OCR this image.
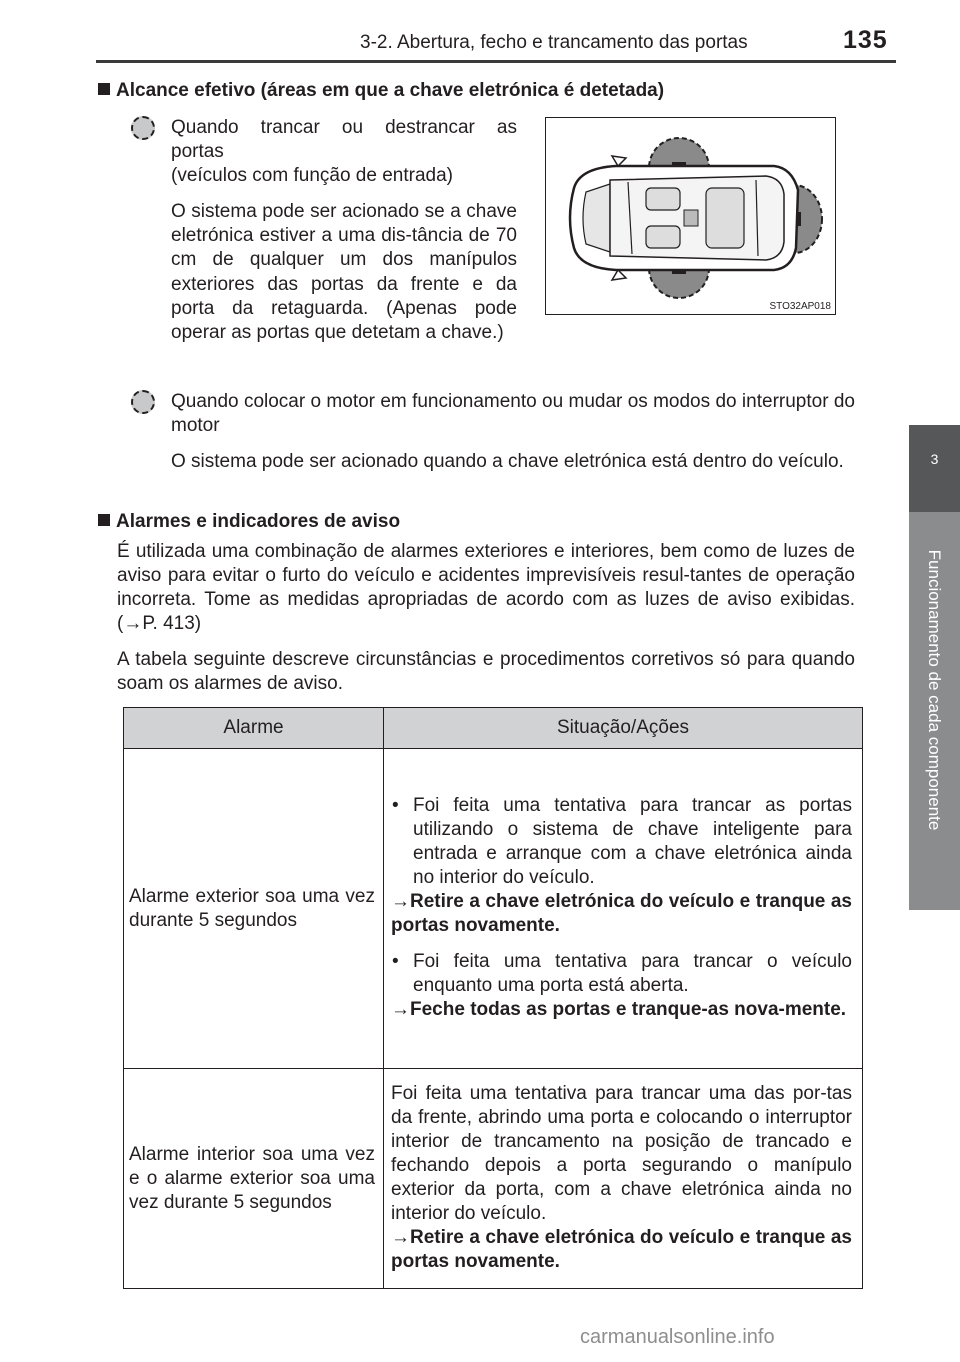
3-2. Abertura, fecho e trancamento das portas	135
3
Funcionamento de cada componente
Alcance efetivo (áreas em que a chave eletrónica é detetada)
Quando trancar ou destrancar as
portas
(veículos com função de entrada)
O sistema pode ser acionado se a chave eletrónica estiver a uma dis-tância de 70 cm de qualquer um dos manípulos exteriores das portas da frente e da porta da retaguarda. (Apenas pode operar as portas que detetam a chave.)
STO32AP018
Quando colocar o motor em funcionamento ou mudar os modos do interruptor do motor
O sistema pode ser acionado quando a chave eletrónica está dentro do veículo.
Alarmes e indicadores de aviso
É utilizada uma combinação de alarmes exteriores e interiores, bem como de luzes de aviso para evitar o furto do veículo e acidentes imprevisíveis resul-tantes de operação incorreta. Tome as medidas apropriadas de acordo com as luzes de aviso exibidas. (→P. 413)
A tabela seguinte descreve circunstâncias e procedimentos corretivos só para quando soam os alarmes de aviso.
Alarme	Situação/Ações
Alarme exterior soa uma vez durante 5 segundos	• Foi feita uma tentativa para trancar as portas utilizando o sistema de chave inteligente para entrada e arranque com a chave eletrónica ainda no interior do veículo.
→Retire a chave eletrónica do veículo e tranque as portas novamente.
• Foi feita uma tentativa para trancar o veículo enquanto uma porta está aberta.
→Feche todas as portas e tranque-as nova-mente.

Alarme interior soa uma vez e o alarme exterior soa uma vez durante 5 segundos	Foi feita uma tentativa para trancar uma das por-tas da frente, abrindo uma porta e colocando o interruptor interior de trancamento na posição de trancado e fechando depois a porta segurando o manípulo exterior da porta, com a chave eletrónica ainda no interior do veículo.
→Retire a chave eletrónica do veículo e tranque as portas novamente.
carmanualsonline.info
